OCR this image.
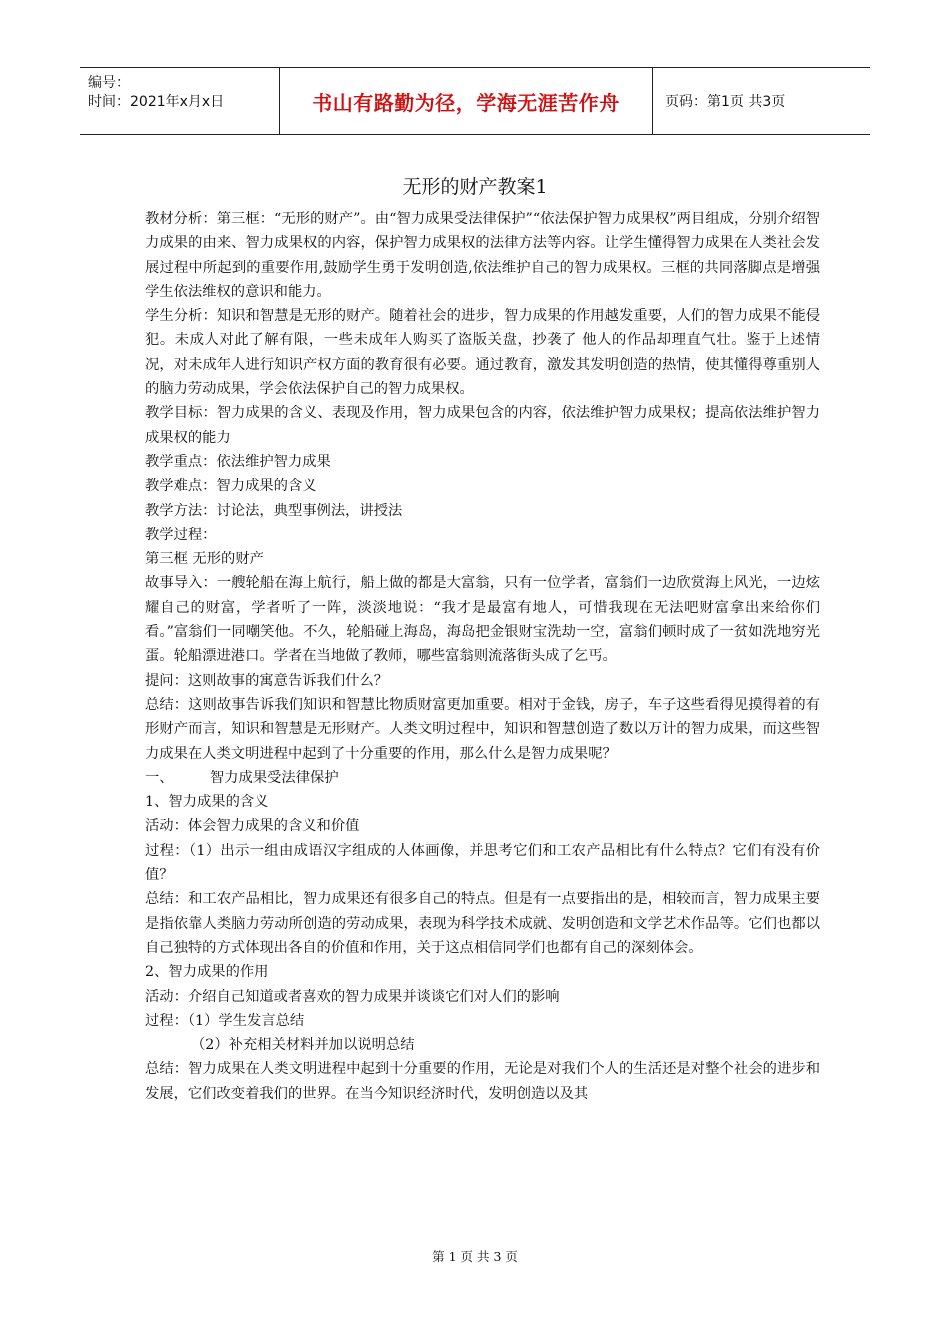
编号：
时间：2021年x月x日	书山有路勤为径，学海无涯苦作舟	页码：第1页 共3页
无形的财产教案1

教材分析：第三框：“无形的财产”。由“智力成果受法律保护”“依法保护智力成果权”两目组成，分别介绍智力成果的由来、智力成果权的内容，保护智力成果权的法律方法等内容。让学生懂得智力成果在人类社会发展过程中所起到的重要作用,鼓励学生勇于发明创造,依法维护自己的智力成果权。三框的共同落脚点是增强学生依法维权的意识和能力。

学生分析：知识和智慧是无形的财产。随着社会的进步，智力成果的作用越发重要，人们的智力成果不能侵犯。未成人对此了解有限，一些未成年人购买了盗版关盘，抄袭了 他人的作品却理直气壮。鉴于上述情况，对未成年人进行知识产权方面的教育很有必要。通过教育，激发其发明创造的热情，使其懂得尊重别人的脑力劳动成果，学会依法保护自己的智力成果权。

教学目标：智力成果的含义、表现及作用，智力成果包含的内容，依法维护智力成果权；提高依法维护智力成果权的能力

教学重点：依法维护智力成果

教学难点：智力成果的含义

教学方法：讨论法，典型事例法，讲授法

教学过程：

第三框 无形的财产

故事导入：一艘轮船在海上航行，船上做的都是大富翁，只有一位学者，富翁们一边欣赏海上风光，一边炫耀自己的财富，学者听了一阵，淡淡地说：“我才是最富有地人，可惜我现在无法吧财富拿出来给你们看。”富翁们一同嘲笑他。不久，轮船碰上海岛，海岛把金银财宝洗劫一空，富翁们顿时成了一贫如洗地穷光蛋。轮船漂进港口。学者在当地做了教师，哪些富翁则流落街头成了乞丐。

提问：这则故事的寓意告诉我们什么？

总结：这则故事告诉我们知识和智慧比物质财富更加重要。相对于金钱，房子，车子这些看得见摸得着的有形财产而言，知识和智慧是无形财产。人类文明过程中，知识和智慧创造了数以万计的智力成果，而这些智力成果在人类文明进程中起到了十分重要的作用，那么什么是智力成果呢？

一、        智力成果受法律保护

1、智力成果的含义

活动：体会智力成果的含义和价值

过程：（1）出示一组由成语汉字组成的人体画像，并思考它们和工农产品相比有什么特点？它们有没有价值？

总结：和工农产品相比，智力成果还有很多自己的特点。但是有一点要指出的是，相较而言，智力成果主要是指依靠人类脑力劳动所创造的劳动成果，表现为科学技术成就、发明创造和文学艺术作品等。它们也都以自己独特的方式体现出各自的价值和作用，关于这点相信同学们也都有自己的深刻体会。

2、智力成果的作用

活动：介绍自己知道或者喜欢的智力成果并谈谈它们对人们的影响

过程：（1）学生发言总结

（2）补充相关材料并加以说明总结

总结：智力成果在人类文明进程中起到十分重要的作用，无论是对我们个人的生活还是对整个社会的进步和发展，它们改变着我们的世界。在当今知识经济时代，发明创造以及其

第 1 页 共 3 页
